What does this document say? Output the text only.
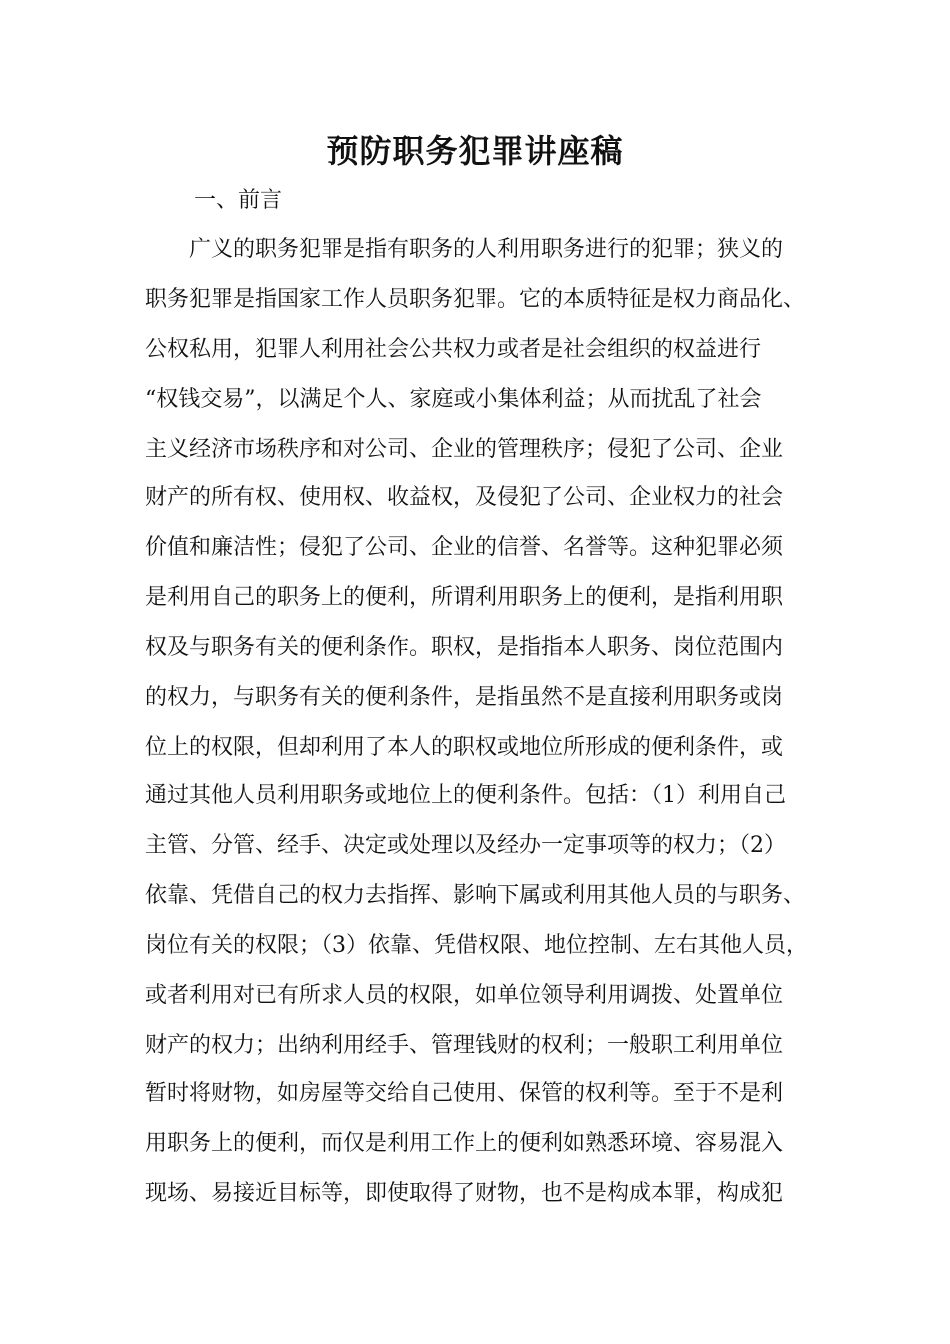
预防职务犯罪讲座稿

一、前言

　　广义的职务犯罪是指有职务的人利用职务进行的犯罪；狭义的

职务犯罪是指国家工作人员职务犯罪。它的本质特征是权力商品化、

公权私用，犯罪人利用社会公共权力或者是社会组织的权益进行

“权钱交易”，以满足个人、家庭或小集体利益；从而扰乱了社会

主义经济市场秩序和对公司、企业的管理秩序；侵犯了公司、企业

财产的所有权、使用权、收益权，及侵犯了公司、企业权力的社会

价值和廉洁性；侵犯了公司、企业的信誉、名誉等。这种犯罪必须

是利用自己的职务上的便利，所谓利用职务上的便利，是指利用职

权及与职务有关的便利条作。职权，是指指本人职务、岗位范围内

的权力，与职务有关的便利条件，是指虽然不是直接利用职务或岗

位上的权限，但却利用了本人的职权或地位所形成的便利条件，或

通过其他人员利用职务或地位上的便利条件。包括：（1）利用自己

主管、分管、经手、决定或处理以及经办一定事项等的权力；（2）

依靠、凭借自己的权力去指挥、影响下属或利用其他人员的与职务、

岗位有关的权限；（3）依靠、凭借权限、地位控制、左右其他人员，

或者利用对已有所求人员的权限，如单位领导利用调拨、处置单位

财产的权力；出纳利用经手、管理钱财的权利；一般职工利用单位

暂时将财物，如房屋等交给自己使用、保管的权利等。至于不是利

用职务上的便利，而仅是利用工作上的便利如熟悉环境、容易混入

现场、易接近目标等，即使取得了财物，也不是构成本罪，构成犯
